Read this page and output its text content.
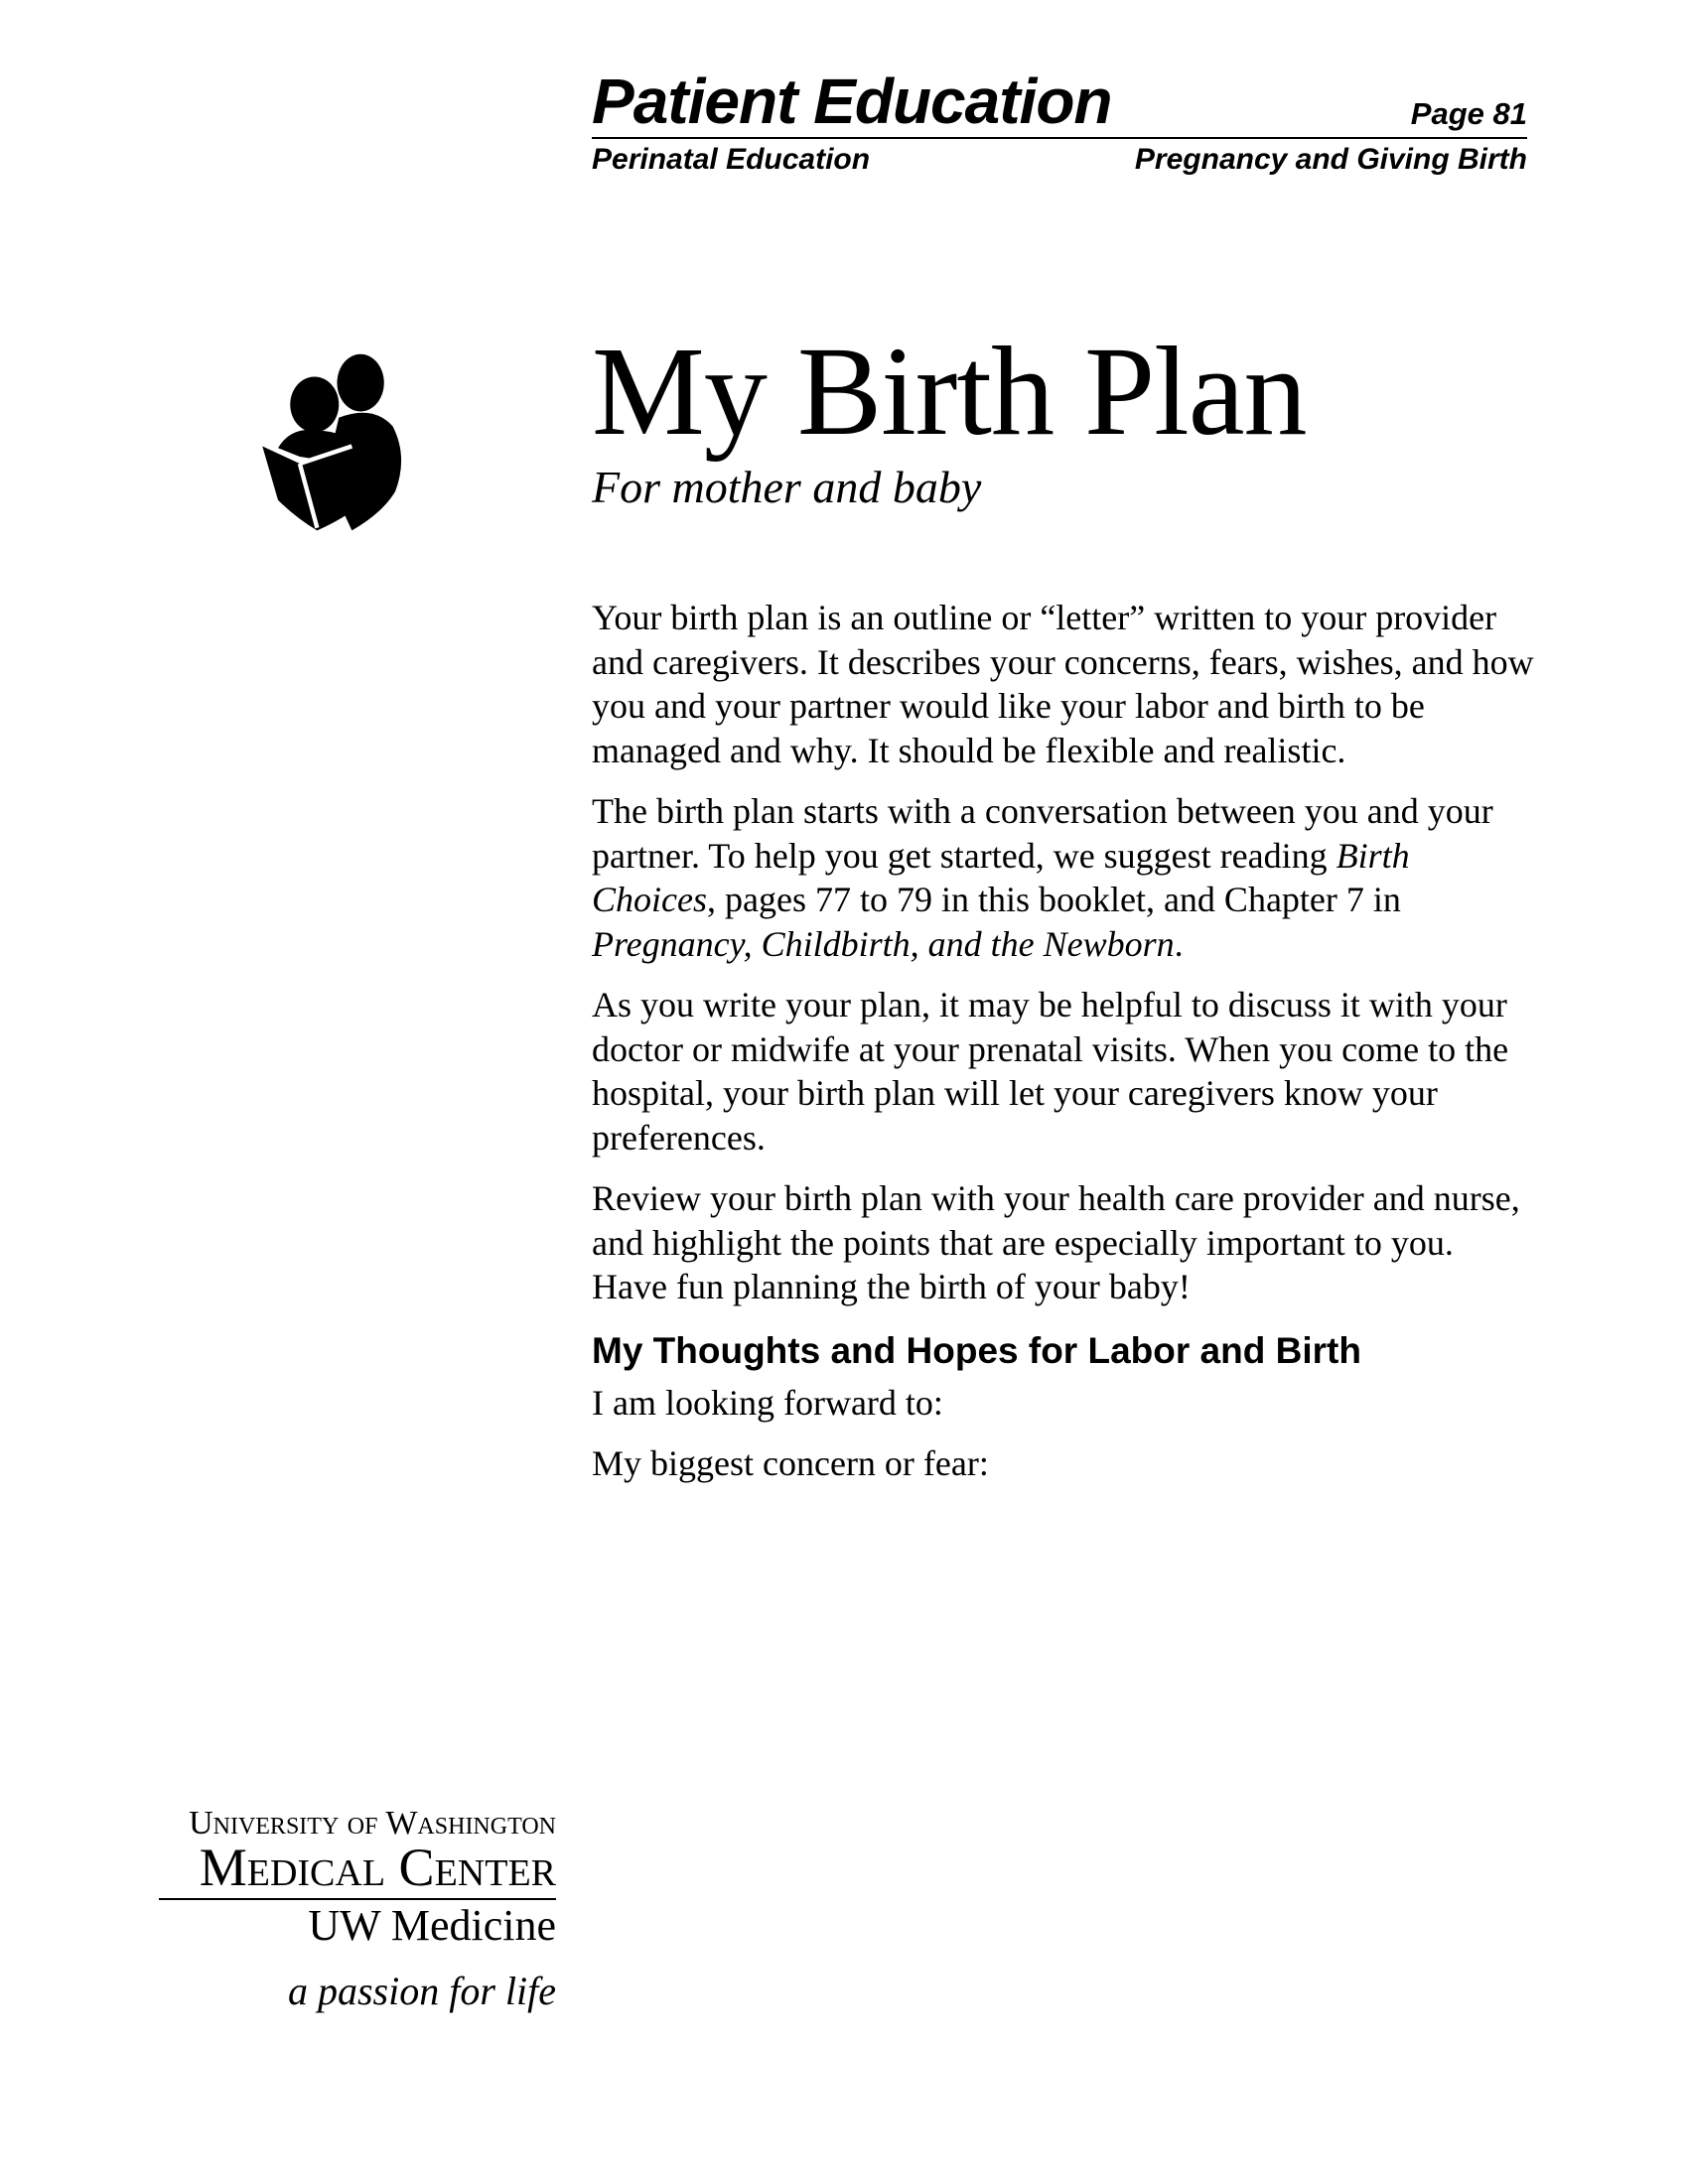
Patient Education	Page 81
Perinatal Education	Pregnancy and Giving Birth
My Birth Plan
For mother and baby

Your birth plan is an outline or “letter” written to your provider and caregivers. It describes your concerns, fears, wishes, and how you and your partner would like your labor and birth to be managed and why. It should be flexible and realistic.

The birth plan starts with a conversation between you and your partner. To help you get started, we suggest reading Birth Choices, pages 77 to 79 in this booklet, and Chapter 7 in Pregnancy, Childbirth, and the Newborn.

As you write your plan, it may be helpful to discuss it with your doctor or midwife at your prenatal visits. When you come to the hospital, your birth plan will let your caregivers know your preferences.

Review your birth plan with your health care provider and nurse, and highlight the points that are especially important to you. Have fun planning the birth of your baby!

My Thoughts and Hopes for Labor and Birth

I am looking forward to:

My biggest concern or fear:

University of Washington
Medical Center
UW Medicine
a passion for life
